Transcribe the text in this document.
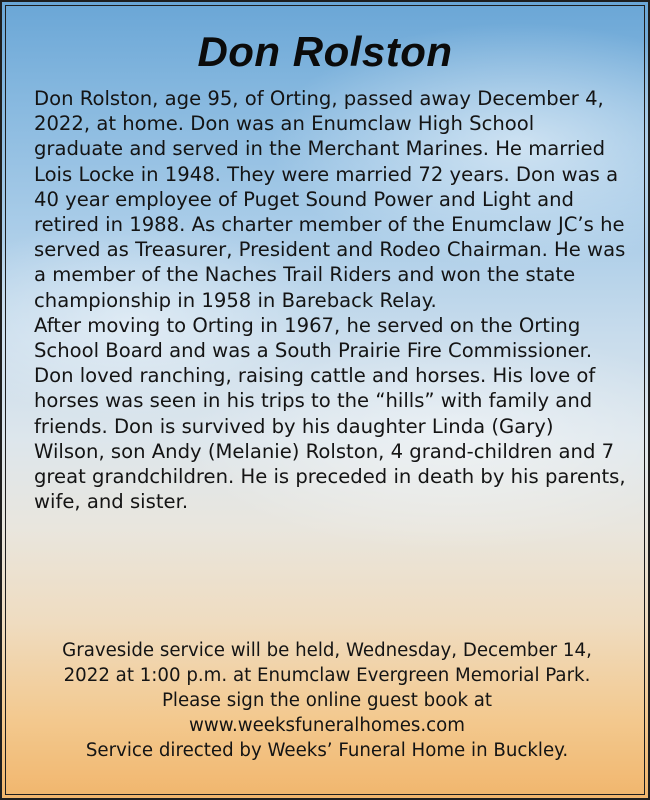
Don Rolston

Don Rolston, age 95, of Orting, passed away December 4, 2022, at home. Don was an Enumclaw High School graduate and served in the Merchant Marines. He married Lois Locke in 1948. They were married 72 years. Don was a 40 year employee of Puget Sound Power and Light and retired in 1988. As charter member of the Enumclaw JC’s he served as Treasurer, President and Rodeo Chairman. He was a member of the Naches Trail Riders and won the state championship in 1958 in Bareback Relay.

After moving to Orting in 1967, he served on the Orting School Board and was a South Prairie Fire Commissioner.

Don loved ranching, raising cattle and horses. His love of horses was seen in his trips to the “hills” with family and friends. Don is survived by his daughter Linda (Gary) Wilson, son Andy (Melanie) Rolston, 4 grand-children and 7 great grandchildren. He is preceded in death by his parents, wife, and sister.

Graveside service will be held, Wednesday, December 14,
2022 at 1:00 p.m. at Enumclaw Evergreen Memorial Park.
Please sign the online guest book at
www.weeksfuneralhomes.com
Service directed by Weeks’ Funeral Home in Buckley.
